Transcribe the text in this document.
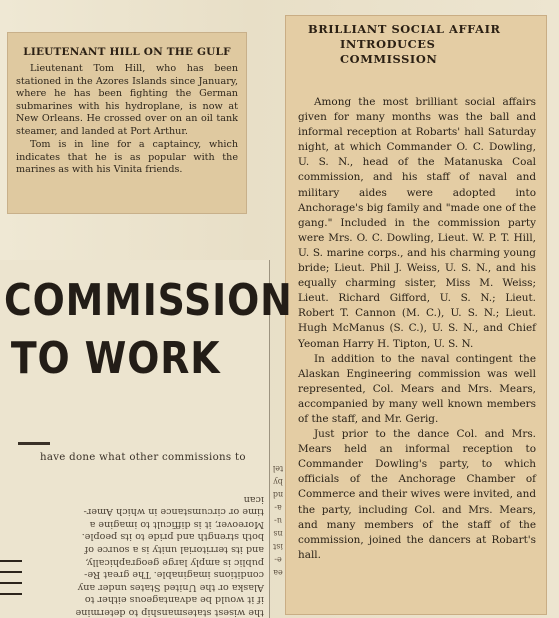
LIEUTENANT HILL ON THE GULF

Lieutenant Tom Hill, who has been stationed in the Azores Islands since January, where he has been fighting the German submarines with his hydroplane, is now at New Orleans. He crossed over on an oil tank steamer, and landed at Port Arthur.

Tom is in line for a captaincy, which indicates that he is as popular with the marines as with his Vinita friends.

BRILLIANT SOCIAL AFFAIR
INTRODUCES COMMISSION

Among the most brilliant social affairs given for many months was the ball and informal reception at Robarts' hall Saturday night, at which Commander O. C. Dowling, U. S. N., head of the Matanuska Coal commission, and his staff of naval and military aides were adopted into Anchorage's big family and "made one of the gang." Included in the commission party were Mrs. O. C. Dowling, Lieut. W. P. T. Hill, U. S. marine corps., and his charming young bride; Lieut. Phil J. Weiss, U. S. N., and his equally charming sister, Miss M. Weiss; Lieut. Richard Gifford, U. S. N.; Lieut. Robert T. Cannon (M. C.), U. S. N.; Lieut. Hugh McManus (S. C.), U. S. N., and Chief Yeoman Harry H. Tipton, U. S. N.

In addition to the naval contingent the Alaskan Engineering commission was well represented, Col. Mears and Mrs. Mears, accompanied by many well known members of the staff, and Mr. Gerig.

Just prior to the dance Col. and Mrs. Mears held an informal reception to Commander Dowling's party, to which officials of the Anchorage Chamber of Commerce and their wives were invited, and the party, including Col. and Mrs. Mears, and many members of the staff of the commission, joined the dancers at Robart's hall.

COMMISSION
TO WORK

have done what other commissions to

the wisest statesmanship to determine

if it would be advantageous either to

Alaska or the United States under any

conditions imaginable. The great Re-

public is amply large geographically,

and its territorial unity is a source of

both strength and pride to its people.

Moreover, it is difficult to imagine a

time or circumstance in which Amer-

ican

tel

by

nd

a-

u-

ns

ist

e-

ea
